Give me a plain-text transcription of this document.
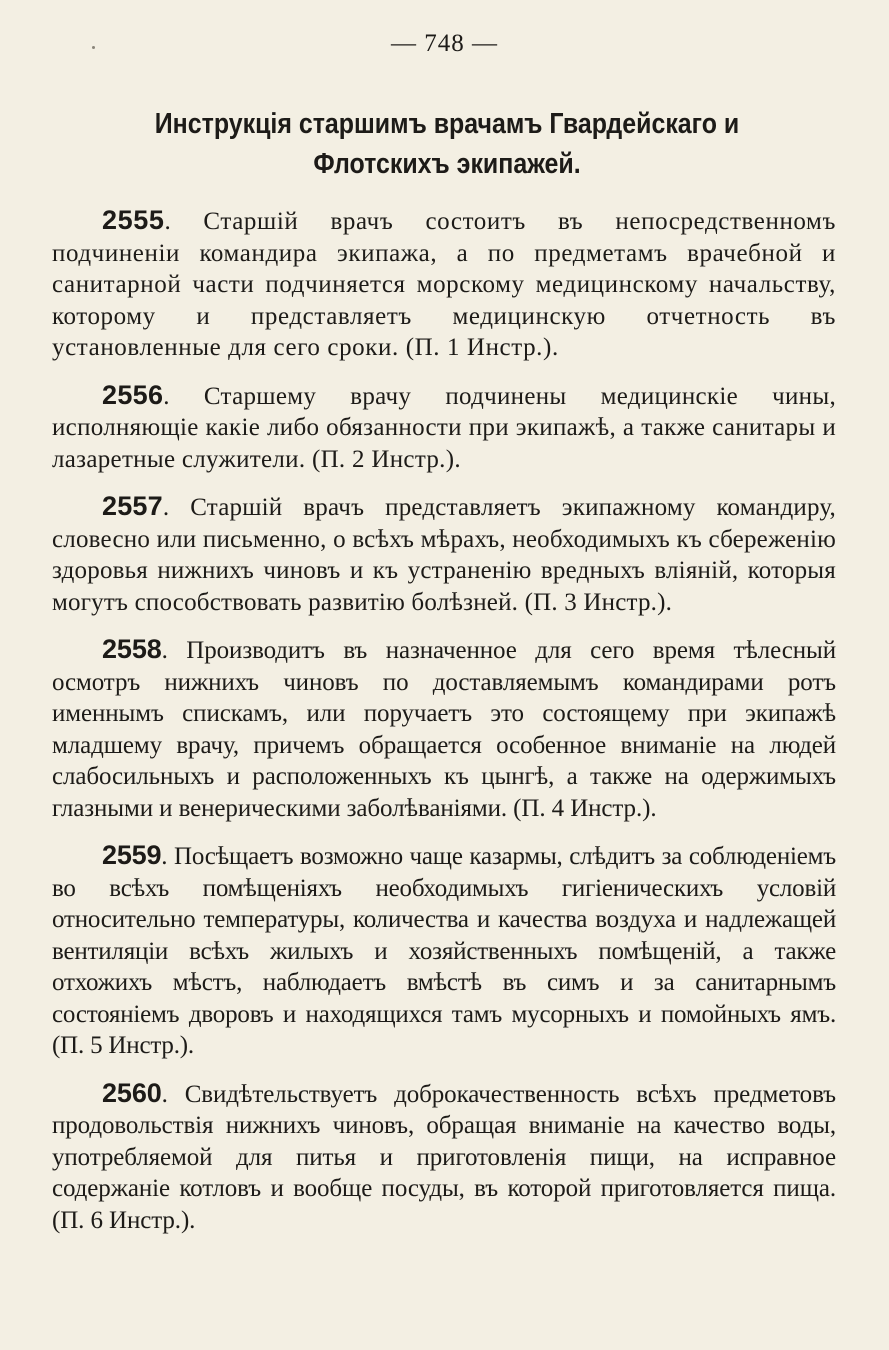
— 748 —
Инструкція старшимъ врачамъ Гвардейскаго и Флотскихъ экипажей.

2555. Старшій врачъ состоитъ въ непосредственномъ подчиненіи командира экипажа, а по предметамъ врачебной и санитарной части подчиняется морскому медицинскому начальству, которому и представляетъ медицинскую отчетность въ установленные для сего сроки. (П. 1 Инстр.).

2556. Старшему врачу подчинены медицинскіе чины, исполняющіе какіе либо обязанности при экипажѣ, а также санитары и лазаретные служители. (П. 2 Инстр.).

2557. Старшій врачъ представляетъ экипажному командиру, словесно или письменно, о всѣхъ мѣрахъ, необходимыхъ къ сбереженію здоровья нижнихъ чиновъ и къ устраненію вредныхъ вліяній, которыя могутъ способствовать развитію болѣзней. (П. 3 Инстр.).

2558. Производитъ въ назначенное для сего время тѣлесный осмотръ нижнихъ чиновъ по доставляемымъ командирами ротъ именнымъ спискамъ, или поручаетъ это состоящему при экипажѣ младшему врачу, причемъ обращается особенное вниманіе на людей слабосильныхъ и расположенныхъ къ цынгѣ, а также на одержимыхъ глазными и венерическими заболѣваніями. (П. 4 Инстр.).

2559. Посѣщаетъ возможно чаще казармы, слѣдитъ за соблюденіемъ во всѣхъ помѣщеніяхъ необходимыхъ гигіеническихъ условій относительно температуры, количества и качества воздуха и надлежащей вентиляціи всѣхъ жилыхъ и хозяйственныхъ помѣщеній, а также отхожихъ мѣстъ, наблюдаетъ вмѣстѣ въ симъ и за санитарнымъ состояніемъ дворовъ и находящихся тамъ мусорныхъ и помойныхъ ямъ. (П. 5 Инстр.).

2560. Свидѣтельствуетъ доброкачественность всѣхъ предметовъ продовольствія нижнихъ чиновъ, обращая вниманіе на качество воды, употребляемой для питья и приготовленія пищи, на исправное содержаніе котловъ и вообще посуды, въ которой приготовляется пища. (П. 6 Инстр.).
